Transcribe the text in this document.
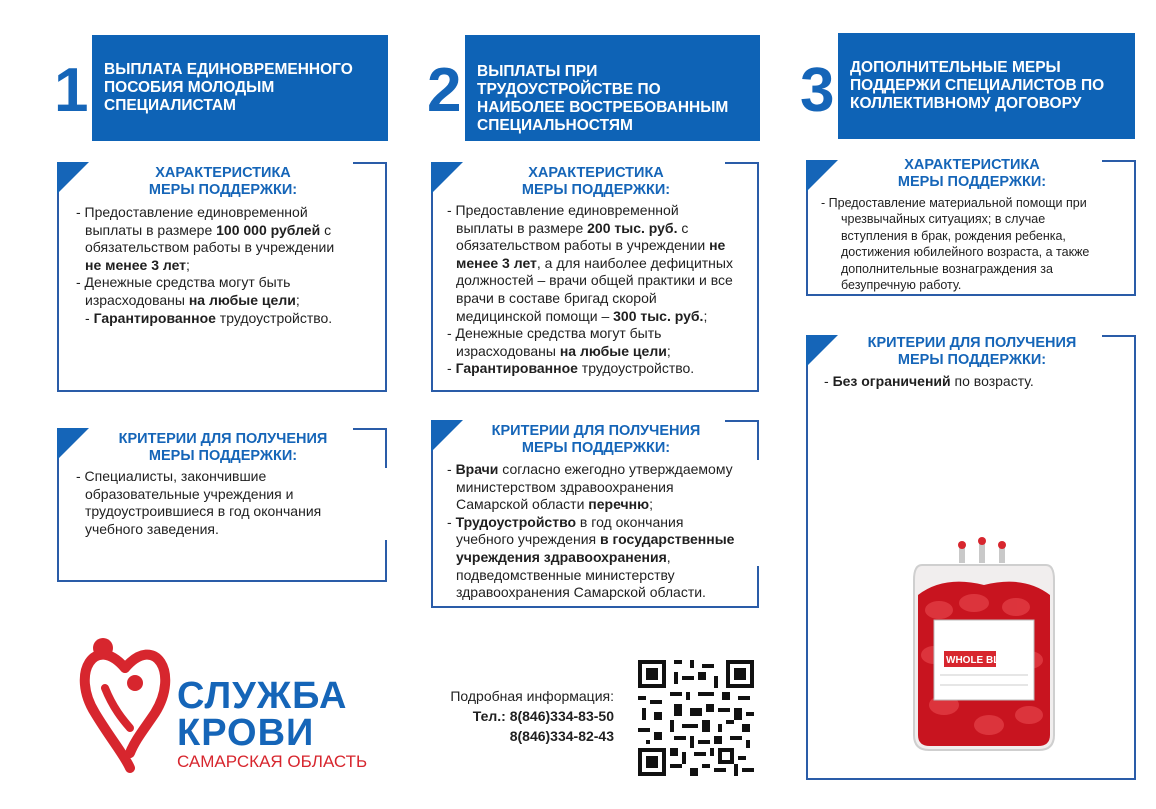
1 ВЫПЛАТА ЕДИНОВРЕМЕННОГО
ПОСОБИЯ МОЛОДЫМ
СПЕЦИАЛИСТАМ
ХАРАКТЕРИСТИКА
МЕРЫ ПОДДЕРЖКИ:
- Предоставление единовременной
выплаты в размере 100 000 рублей с
обязательством работы в учреждении
не менее 3 лет;
- Денежные средства могут быть
израсходованы на любые цели;
- Гарантированное трудоустройство.
КРИТЕРИИ ДЛЯ ПОЛУЧЕНИЯ
МЕРЫ ПОДДЕРЖКИ:
- Специалисты, закончившие
образовательные учреждения и
трудоустроившиеся в год окончания
учебного заведения.
2 ВЫПЛАТЫ ПРИ
ТРУДОУСТРОЙСТВЕ ПО
НАИБОЛЕЕ ВОСТРЕБОВАННЫМ
СПЕЦИАЛЬНОСТЯМ
ХАРАКТЕРИСТИКА
МЕРЫ ПОДДЕРЖКИ:
- Предоставление единовременной
выплаты в размере 200 тыс. руб. с
обязательством работы в учреждении не
менее 3 лет, а для наиболее дефицитных
должностей – врачи общей практики и все
врачи в составе бригад скорой
медицинской помощи – 300 тыс. руб.;
- Денежные средства могут быть
израсходованы на любые цели;
- Гарантированное трудоустройство.
КРИТЕРИИ ДЛЯ ПОЛУЧЕНИЯ
МЕРЫ ПОДДЕРЖКИ:
- Врачи согласно ежегодно утверждаемому
министерством здравоохранения
Самарской области перечню;
- Трудоустройство в год окончания
учебного учреждения в государственные
учреждения здравоохранения,
подведомственные министерству
здравоохранения Самарской области.
3 ДОПОЛНИТЕЛЬНЫЕ МЕРЫ
ПОДДЕРЖИ СПЕЦИАЛИСТОВ ПО
КОЛЛЕКТИВНОМУ ДОГОВОРУ
ХАРАКТЕРИСТИКА
МЕРЫ ПОДДЕРЖКИ:
- Предоставление материальной помощи при
чрезвычайных ситуациях; в случае
вступления в брак, рождения ребенка,
достижения юбилейного возраста, а также
дополнительные вознаграждения за
безупречную работу.
КРИТЕРИИ ДЛЯ ПОЛУЧЕНИЯ
МЕРЫ ПОДДЕРЖКИ:
- Без ограничений по возрасту.
WHOLE BLOOD
СЛУЖБА
КРОВИ
САМАРСКАЯ ОБЛАСТЬ
Подробная информация:
Тел.: 8(846)334-83-50
8(846)334-82-43
